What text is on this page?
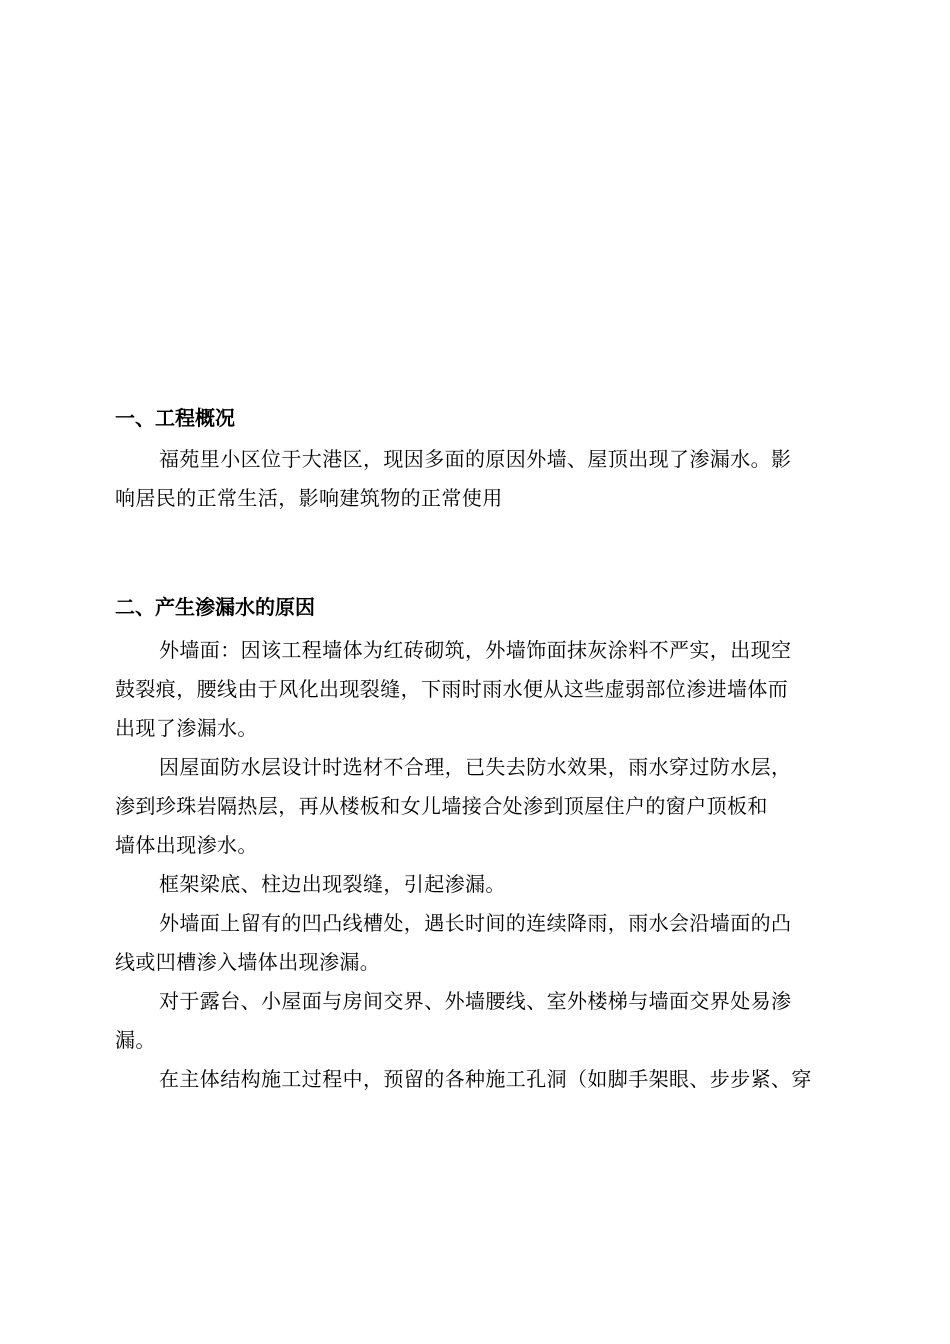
一、工程概况

福苑里小区位于大港区，现因多面的原因外墙、屋顶出现了渗漏水。影
响居民的正常生活，影响建筑物的正常使用

二、产生渗漏水的原因

外墙面：因该工程墙体为红砖砌筑，外墙饰面抹灰涂料不严实，出现空
鼓裂痕，腰线由于风化出现裂缝，下雨时雨水便从这些虚弱部位渗进墙体而
出现了渗漏水。

因屋面防水层设计时选材不合理，已失去防水效果，雨水穿过防水层，
渗到珍珠岩隔热层，再从楼板和女儿墙接合处渗到顶屋住户的窗户顶板和
墙体出现渗水。

框架梁底、柱边出现裂缝，引起渗漏。

外墙面上留有的凹凸线槽处，遇长时间的连续降雨，雨水会沿墙面的凸
线或凹槽渗入墙体出现渗漏。

对于露台、小屋面与房间交界、外墙腰线、室外楼梯与墙面交界处易渗
漏。

在主体结构施工过程中，预留的各种施工孔洞（如脚手架眼、步步紧、穿
